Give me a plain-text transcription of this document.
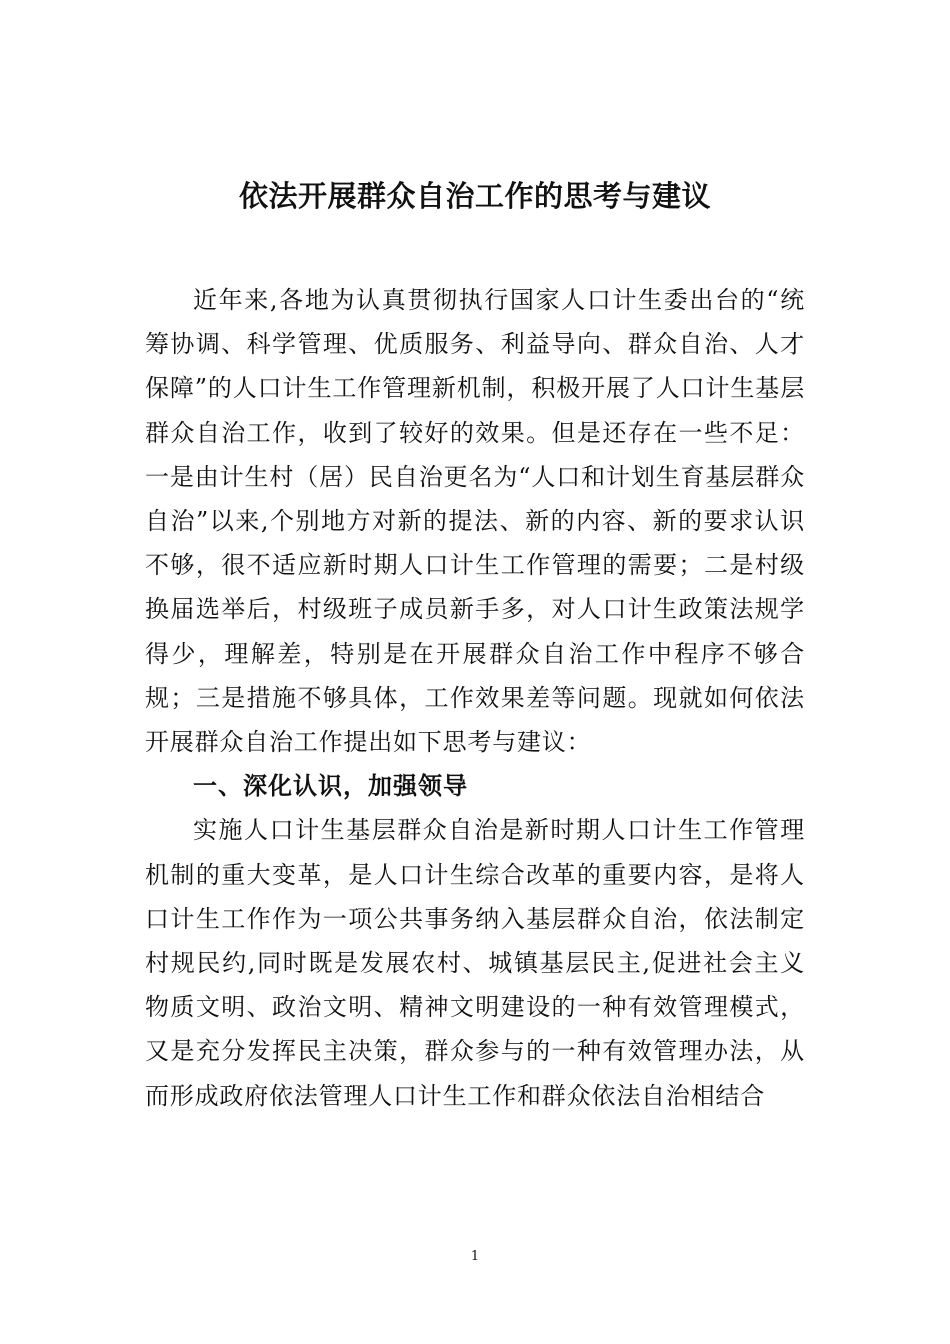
依法开展群众自治工作的思考与建议

近年来,各地为认真贯彻执行国家人口计生委出台的“统筹协调、科学管理、优质服务、利益导向、群众自治、人才保障”的人口计生工作管理新机制，积极开展了人口计生基层群众自治工作，收到了较好的效果。但是还存在一些不足：一是由计生村（居）民自治更名为“人口和计划生育基层群众自治”以来,个别地方对新的提法、新的内容、新的要求认识不够，很不适应新时期人口计生工作管理的需要；二是村级换届选举后，村级班子成员新手多，对人口计生政策法规学得少，理解差，特别是在开展群众自治工作中程序不够合规；三是措施不够具体，工作效果差等问题。现就如何依法开展群众自治工作提出如下思考与建议：

一、深化认识，加强领导

实施人口计生基层群众自治是新时期人口计生工作管理机制的重大变革，是人口计生综合改革的重要内容，是将人口计生工作作为一项公共事务纳入基层群众自治，依法制定村规民约,同时既是发展农村、城镇基层民主,促进社会主义物质文明、政治文明、精神文明建设的一种有效管理模式，又是充分发挥民主决策，群众参与的一种有效管理办法，从而形成政府依法管理人口计生工作和群众依法自治相结合

1
